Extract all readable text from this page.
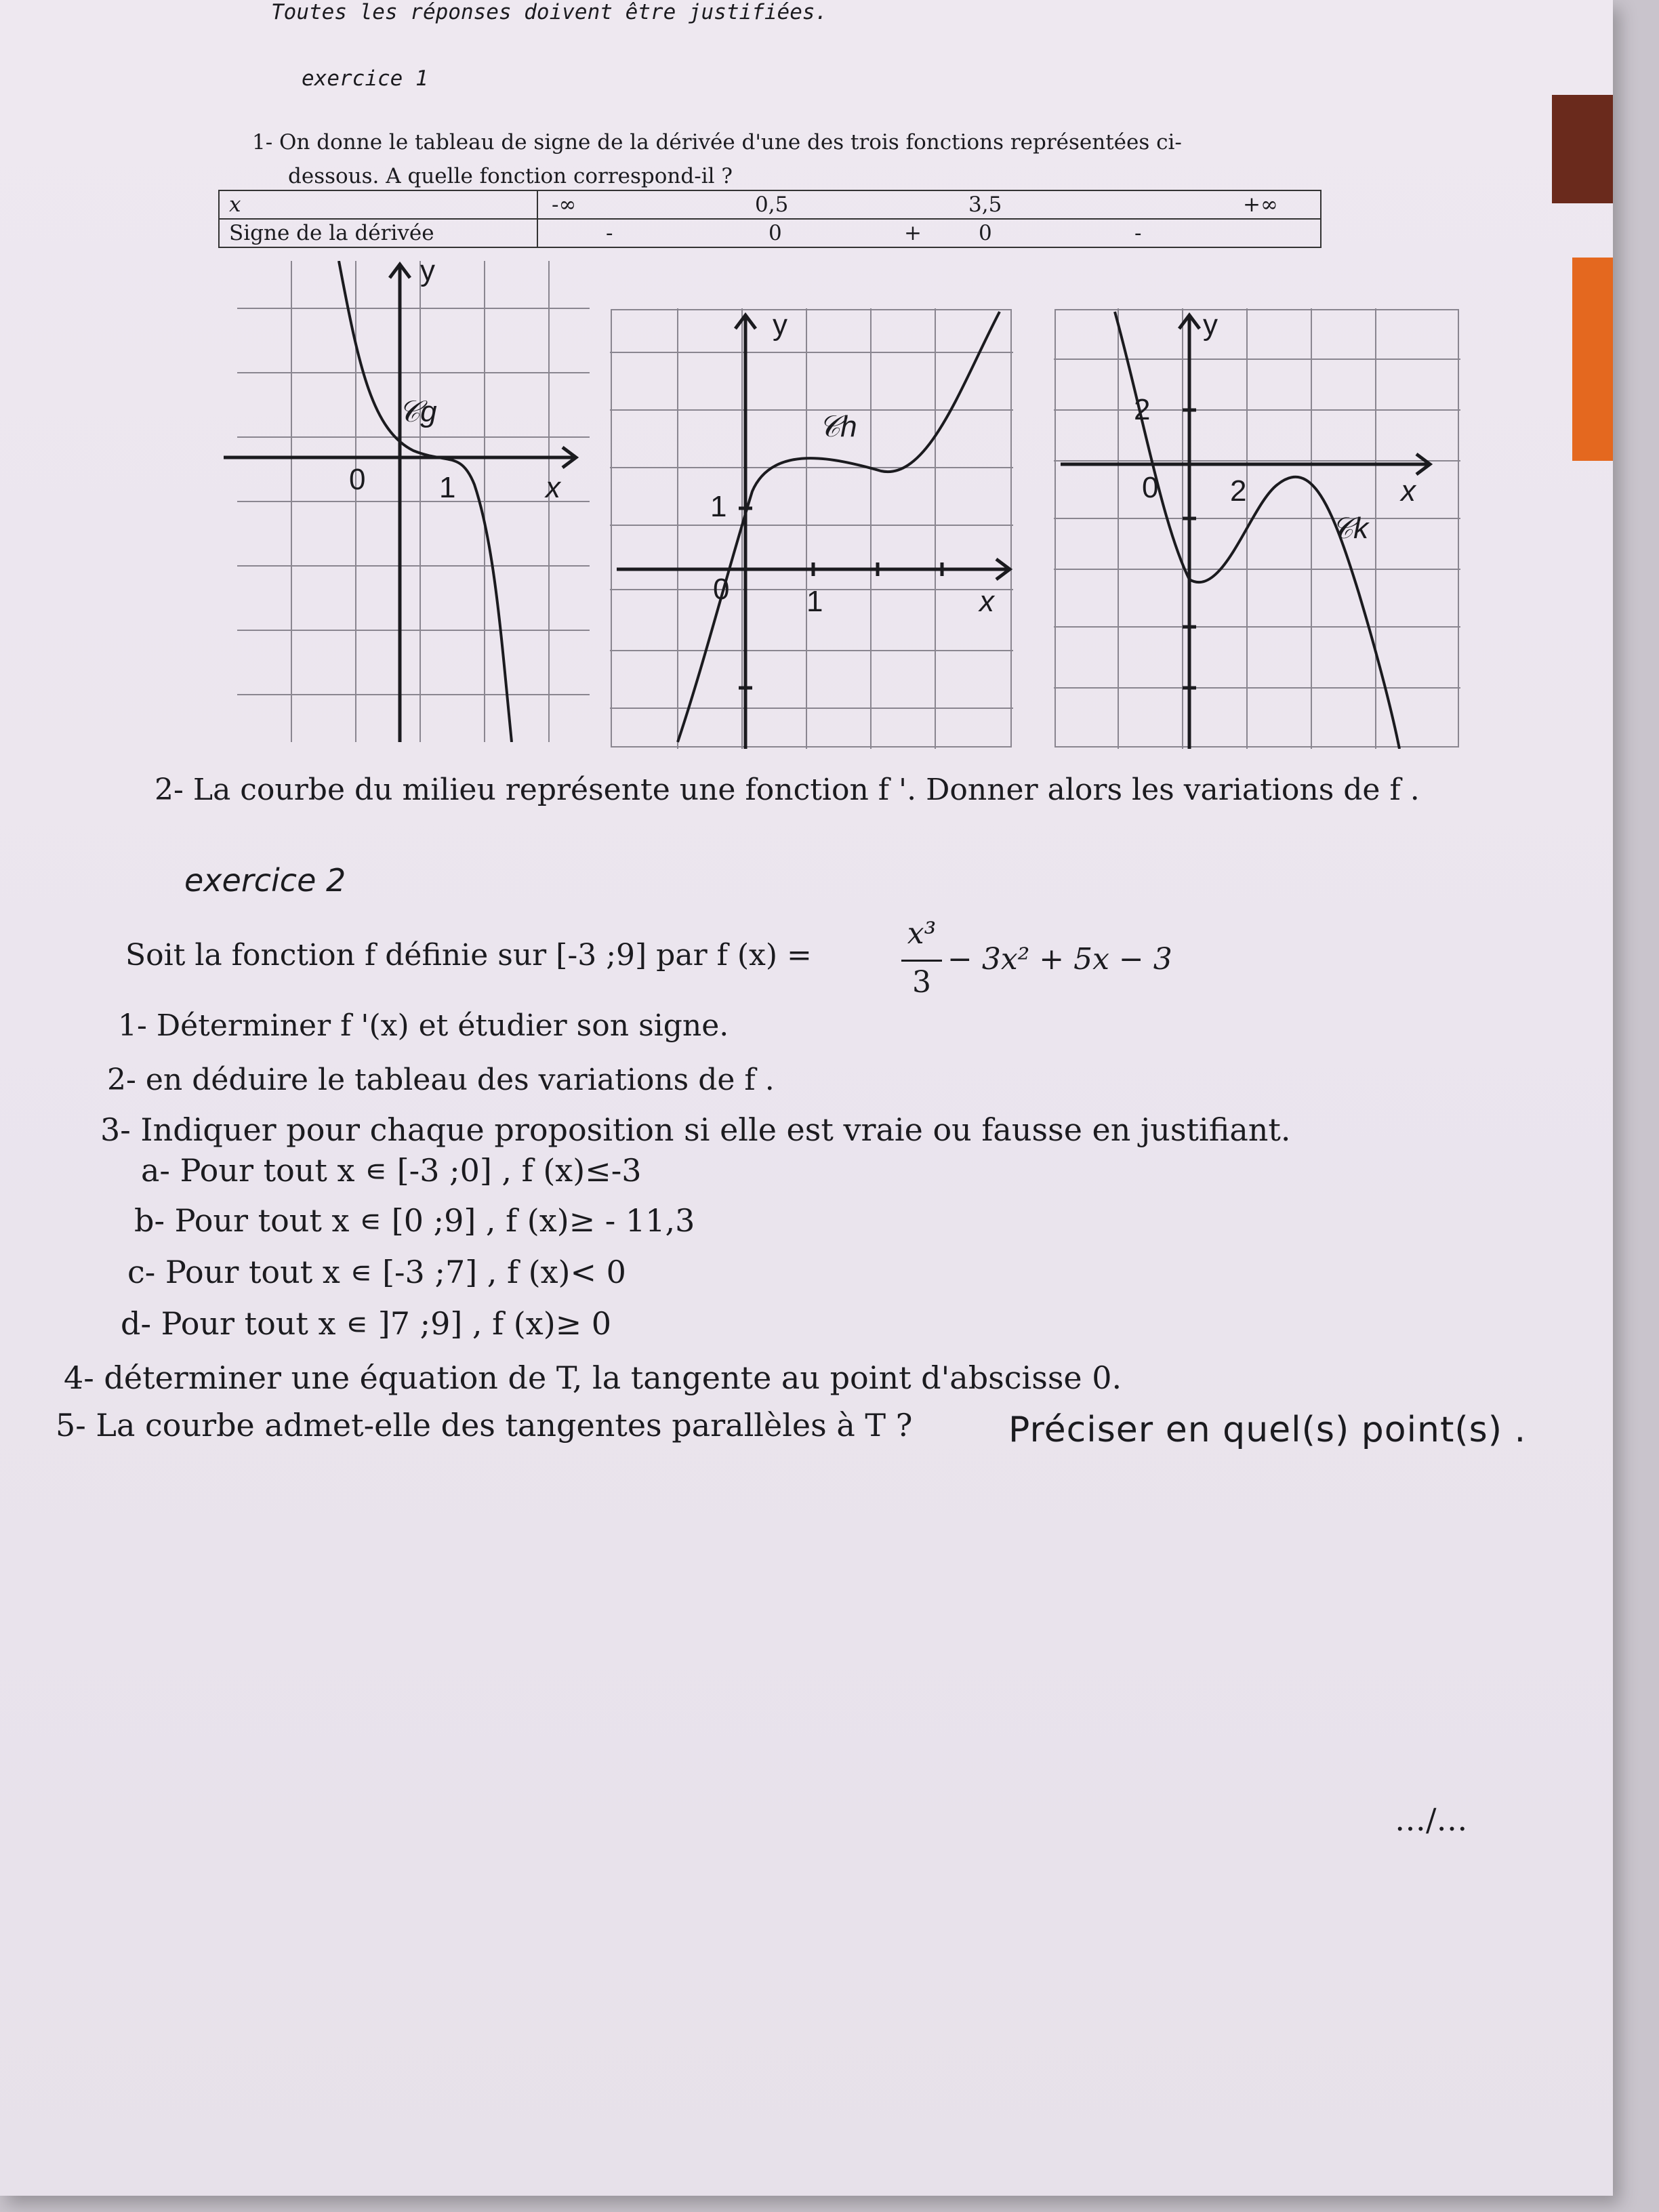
Toutes les réponses doivent être justifiées.
exercice 1
1- On donne le tableau de signe de la dérivée d'une des trois fonctions représentées ci-
dessous. A quelle fonction correspond-il ?
x	-∞ 0,5 3,5 +∞

Signe de la dérivée	- 0 + 0 -
y
𝒞g
0 1	x
y
𝒞h
1
0	1	x
y
2
0 2	x
𝒞k
2- La courbe du milieu représente une fonction f '. Donner alors les variations de f .
exercice 2
Soit la fonction f définie sur [-3 ;9] par f (x) =
x³
3
− 3x² + 5x − 3
1- Déterminer f '(x) et étudier son signe.
2- en déduire le tableau des variations de f .
3- Indiquer pour chaque proposition si elle est vraie ou fausse en justifiant.
a- Pour tout x ∊ [-3 ;0] , f (x)≤-3
b- Pour tout x ∊ [0 ;9] , f (x)≥ - 11,3
c- Pour tout x ∊ [-3 ;7] , f (x)< 0
d- Pour tout x ∊ ]7 ;9] , f (x)≥ 0
4- déterminer une équation de T, la tangente au point d'abscisse 0.
5- La courbe admet-elle des tangentes parallèles à T ?	Préciser en quel(s) point(s) .
…/…
